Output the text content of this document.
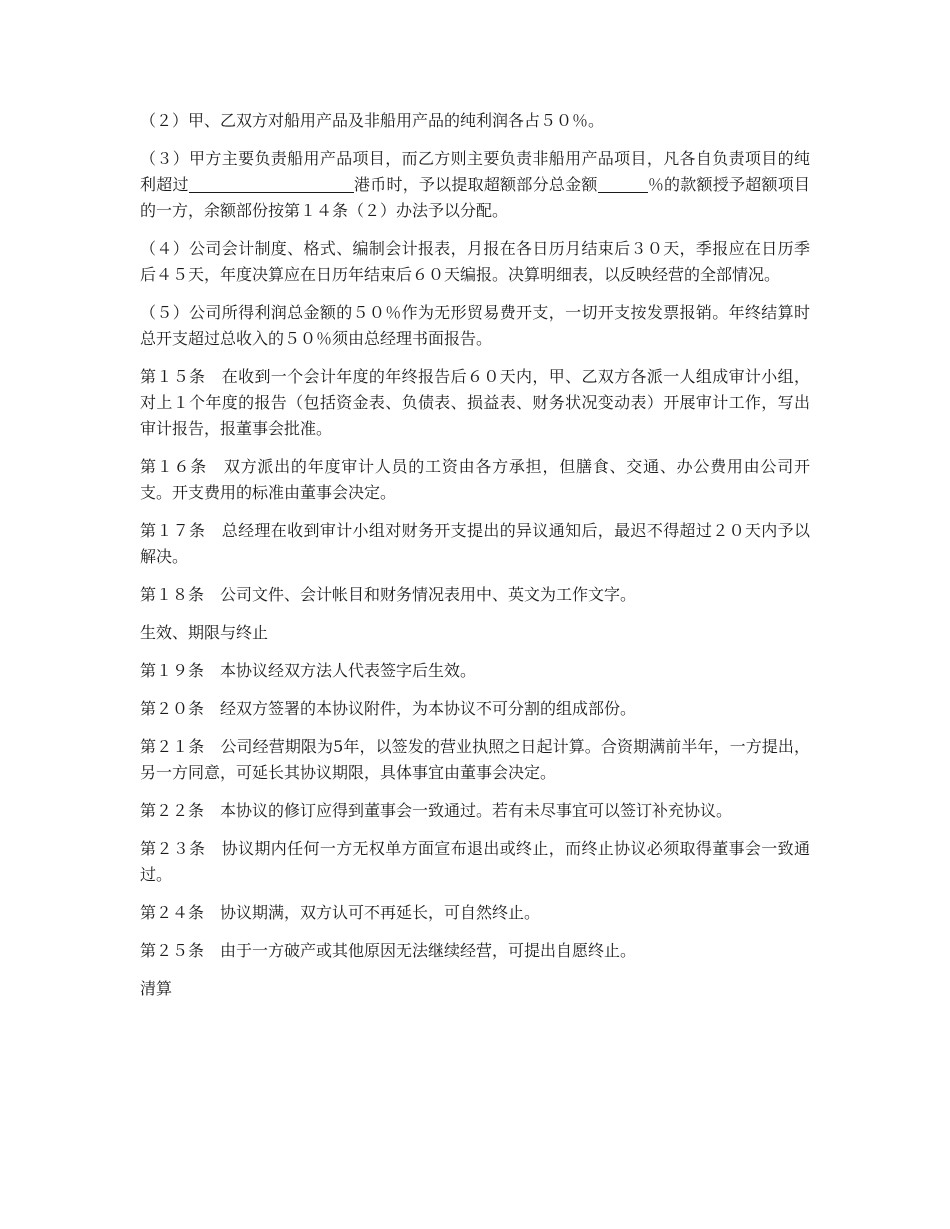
（２）甲、乙双方对船用产品及非船用产品的纯利润各占５０％。

（３）甲方主要负责船用产品项目，而乙方则主要负责非船用产品项目，凡各自负责项目的纯利超过	港币时，予以提取超额部分总金额	％的款额授予超额项目的一方，余额部份按第１４条（２）办法予以分配。

（４）公司会计制度、格式、编制会计报表，月报在各日历月结束后３０天，季报应在日历季后４５天，年度决算应在日历年结束后６０天编报。决算明细表，以反映经营的全部情况。

（５）公司所得利润总金额的５０％作为无形贸易费开支，一切开支按发票报销。年终结算时总开支超过总收入的５０％须由总经理书面报告。

第１５条　在收到一个会计年度的年终报告后６０天内，甲、乙双方各派一人组成审计小组，对上１个年度的报告（包括资金表、负债表、损益表、财务状况变动表）开展审计工作，写出审计报告，报董事会批准。

第１６条　双方派出的年度审计人员的工资由各方承担，但膳食、交通、办公费用由公司开支。开支费用的标准由董事会决定。

第１７条　总经理在收到审计小组对财务开支提出的异议通知后，最迟不得超过２０天内予以解决。

第１８条　公司文件、会计帐目和财务情况表用中、英文为工作文字。

生效、期限与终止

第１９条　本协议经双方法人代表签字后生效。

第２０条　经双方签署的本协议附件，为本协议不可分割的组成部份。

第２１条　公司经营期限为5年，以签发的营业执照之日起计算。合资期满前半年，一方提出，另一方同意，可延长其协议期限，具体事宜由董事会决定。

第２２条　本协议的修订应得到董事会一致通过。若有未尽事宜可以签订补充协议。

第２３条　协议期内任何一方无权单方面宣布退出或终止，而终止协议必须取得董事会一致通过。

第２４条　协议期满，双方认可不再延长，可自然终止。

第２５条　由于一方破产或其他原因无法继续经营，可提出自愿终止。

清算
